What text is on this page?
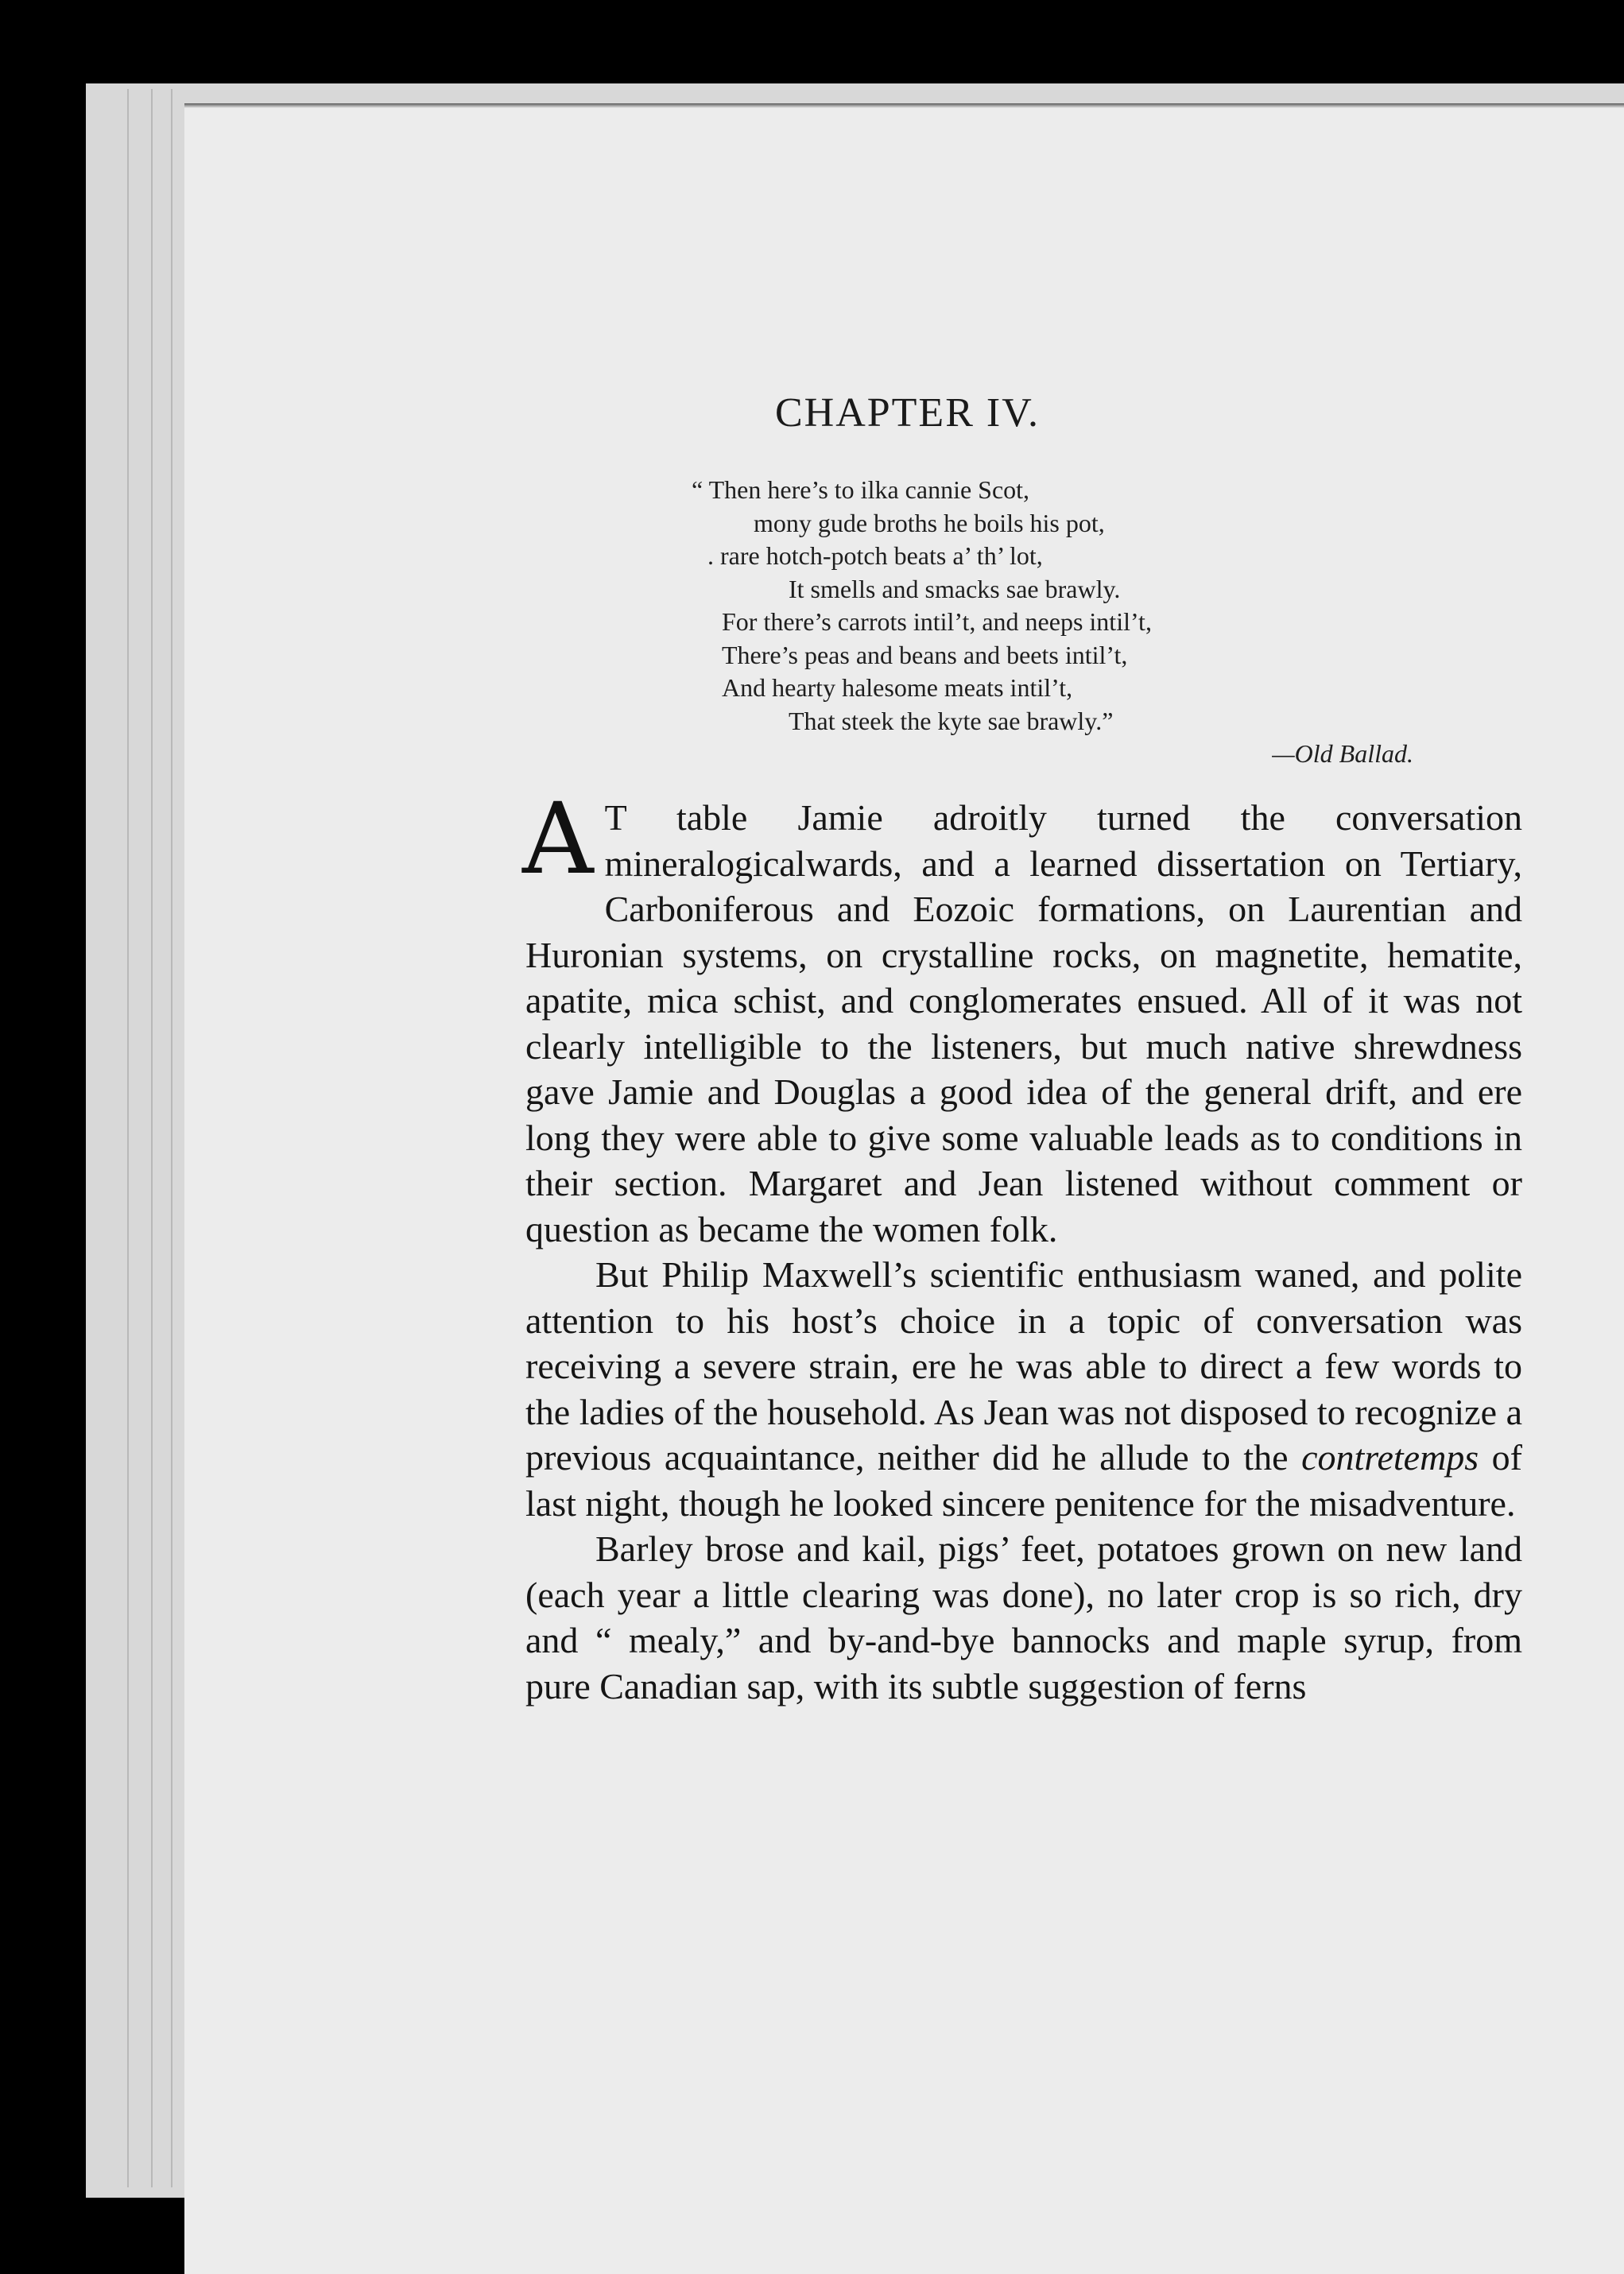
CHAPTER IV.
“ Then here’s to ilka cannie Scot,
mony gude broths he boils his pot,
. rare hotch-potch beats a’ th’ lot,
It smells and smacks sae brawly.
For there’s carrots intil’t, and neeps intil’t,
There’s peas and beans and beets intil’t,
And hearty halesome meats intil’t,
That steek the kyte sae brawly.”
—Old Ballad.

A T table Jamie adroitly turned the conversation mineralogicalwards, and a learned dissertation on Tertiary, Carboniferous and Eozoic formations, on Laurentian and Huronian systems, on crystalline rocks, on magnetite, hematite, apatite, mica schist, and conglomerates ensued. All of it was not clearly intelligible to the listeners, but much native shrewdness gave Jamie and Douglas a good idea of the general drift, and ere long they were able to give some valuable leads as to conditions in their section. Margaret and Jean listened without comment or question as became the women folk.

But Philip Maxwell’s scientific enthusiasm waned, and polite attention to his host’s choice in a topic of conversation was receiving a severe strain, ere he was able to direct a few words to the ladies of the household. As Jean was not disposed to recognize a previous acquaintance, neither did he allude to the contretemps of last night, though he looked sincere penitence for the misadventure.

Barley brose and kail, pigs’ feet, potatoes grown on new land (each year a little clearing was done), no later crop is so rich, dry and “ mealy,” and by-and-bye bannocks and maple syrup, from pure Canadian sap, with its subtle suggestion of ferns
